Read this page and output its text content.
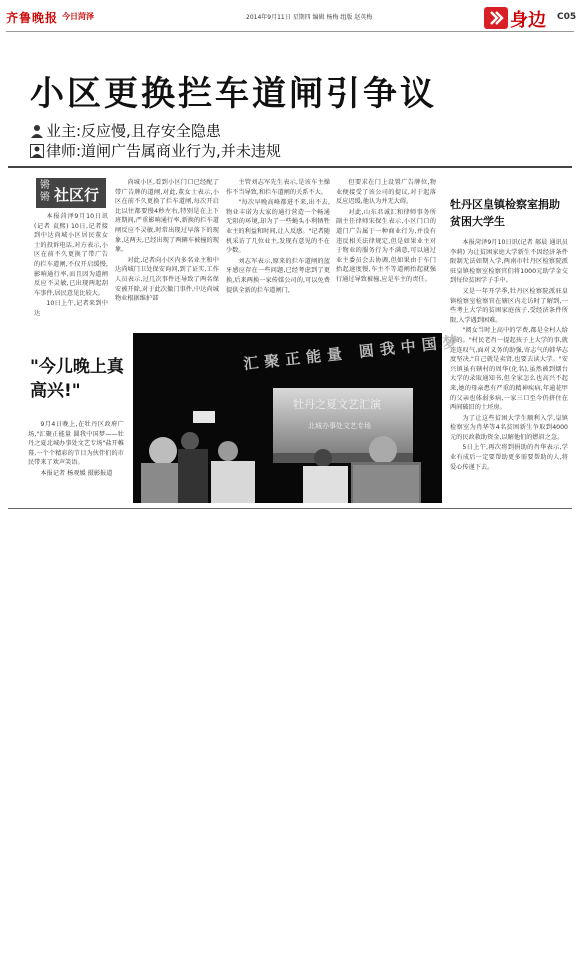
齐鲁晚报 今日菏泽	2014年9月11日 星期四 编辑 杨梅 组版 赵英梅	身边 C05
小区更换拦车道闸引争议
业主:反应慢,且存安全隐患
律师:道闸广告属商业行为,并未违规
锵锵 社区行

本报菏泽9月10日讯(记者 袁熙) 10日,记者接到中达尚城小区居民董女士的投诉电话,对方表示,小区在前不久更换了带广告的拦车道闸,不仅开启缓慢,影响通行率,而且因为道闸反应不灵敏,已出现两起刮车事件,居民意见比较大。

10日上午,记者来到中达

尚城小区,看到小区门口已经配了带广告牌的道闸,对此,董女士表示,小区在前不久更换了拦车道闸,每次开启比以往都要慢4秒左右,特别是在上下班期间,严重影响通行率,新换的拦车道闸反应不灵敏,时常出现过早落下的现象,这两天,已经出现了两辆车被撞的现象。

对此,记者向小区内多名业主和中达尚城门卫处保安询问,到了证实,工作人员表示,过几次事件还导致了两名保安被开除,对于此次撤门事件,中达尚城物业根据维护部

主管刘志军先生表示,是该车主操作不当导致,和拦车道闸的关系不大。

"每次早晚高峰都进不来,出不去,物业丰诺为大家的通行营造一个畅通无阻的环境,却为了一些蝇头小利牺牲业主的利益和时间,让人反感。"记者随机采访了几位业主,发现有意见的不在少数。

刘志军表示,原来的拦车道闸的蓝牙感应存在一些问题,已经考虑到了更换,后来两换一家传媒公司的,可以免费提供全新的拦车道闸门,

但要求在门上设置广告牌位,物业便接受了该公司的提议,对于起落反应迟缓,他认为并无大碍。

对此,山东君诚汇和律师事务所副主任律师宋保生表示,小区门口的道门广告属于一种商业行为,并没有违反相关法律规定,但是如果业主对于物业的服务行为不满意,可以通过业主委员会去协调,但如果由于车门抬起速度慢,车主不等道闸抬起就强行通过导致被撞,应是车主的责任。

牡丹区皇镇检察室捐助贫困大学生

本报菏泽9月10日讯(记者 郝晨 通讯员 李莉) 为让贫困家庭大学新生不因经济条件限制无法如期入学,两南市牡丹区检察院派驻皇镇检察室检察官们将1000元助学金交到每位贫困学子手中。

又是一年开学季,牡丹区检察院派驻皇镇检察室检察官在辖区内走访时了解到,一些考上大学的贫困家庭孩子,受经济条件所限,入学遇到困难。

"阅女当时上高中的学费,都是全村人给凑的。"村民老肖一提起孩子上大学的事,就连连叹气,面对义务的助强,寄志气的韩华志度坚决,"自己就是卖肾,也要去读大学。"安兴镇虽有辖村的周华(化名),虽然被到烟台大学的录取通知书,但全家怎么也高兴不起来,她的母亲患有严重的精神疾病,年逾花甲的父亲也体弱多病,一家三口至今仍挤住在两间破旧的土坯房。

为了让这些贫困大学生顺利入学,皇镇检察室为肖华等4名贫困新生争取到4000元的民政救助资金,以解他们的燃眉之急。

5日上午,再次将到捐助的肖华表示,学业有成后一定要帮助更多需要帮助的人,将爱心传递下去。

汇聚正能量 圆我中国梦
牡丹之夏文艺汇演
北城办事处文艺专场
"今儿晚上真高兴!"

9月4日晚上,在牡丹区政府广场,"汇聚正能量 圆我中国梦——牡丹之夏北城办事处文艺专场"盐开帷幕,一个个精彩的节目为伙伴们的市民带来了欢声笑语。

本报记者 杨观媛 摄影报道
